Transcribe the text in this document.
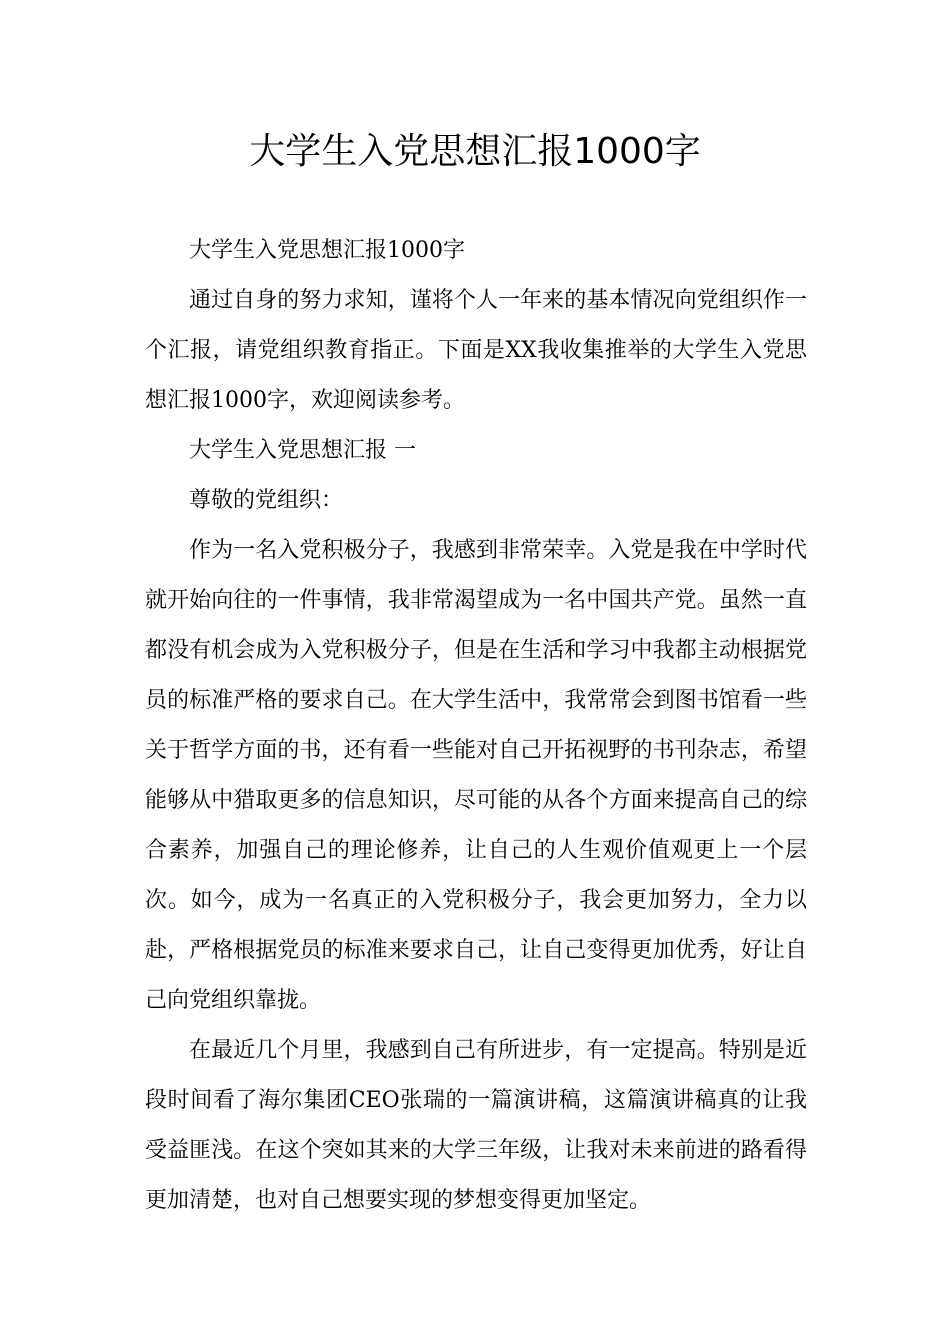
大学生入党思想汇报1000字

大学生入党思想汇报1000字

通过自身的努力求知，谨将个人一年来的基本情况向党组织作一个汇报，请党组织教育指正。下面是XX我收集推举的大学生入党思想汇报1000字，欢迎阅读参考。

大学生入党思想汇报 一

尊敬的党组织：

作为一名入党积极分子，我感到非常荣幸。入党是我在中学时代就开始向往的一件事情，我非常渴望成为一名中国共产党。虽然一直都没有机会成为入党积极分子，但是在生活和学习中我都主动根据党员的标准严格的要求自己。在大学生活中，我常常会到图书馆看一些关于哲学方面的书，还有看一些能对自己开拓视野的书刊杂志，希望能够从中猎取更多的信息知识，尽可能的从各个方面来提高自己的综合素养，加强自己的理论修养，让自己的人生观价值观更上一个层次。如今，成为一名真正的入党积极分子，我会更加努力，全力以赴，严格根据党员的标准来要求自己，让自己变得更加优秀，好让自己向党组织靠拢。

在最近几个月里，我感到自己有所进步，有一定提高。特别是近段时间看了海尔集团CEO张瑞的一篇演讲稿，这篇演讲稿真的让我受益匪浅。在这个突如其来的大学三年级，让我对未来前进的路看得更加清楚，也对自己想要实现的梦想变得更加坚定。
